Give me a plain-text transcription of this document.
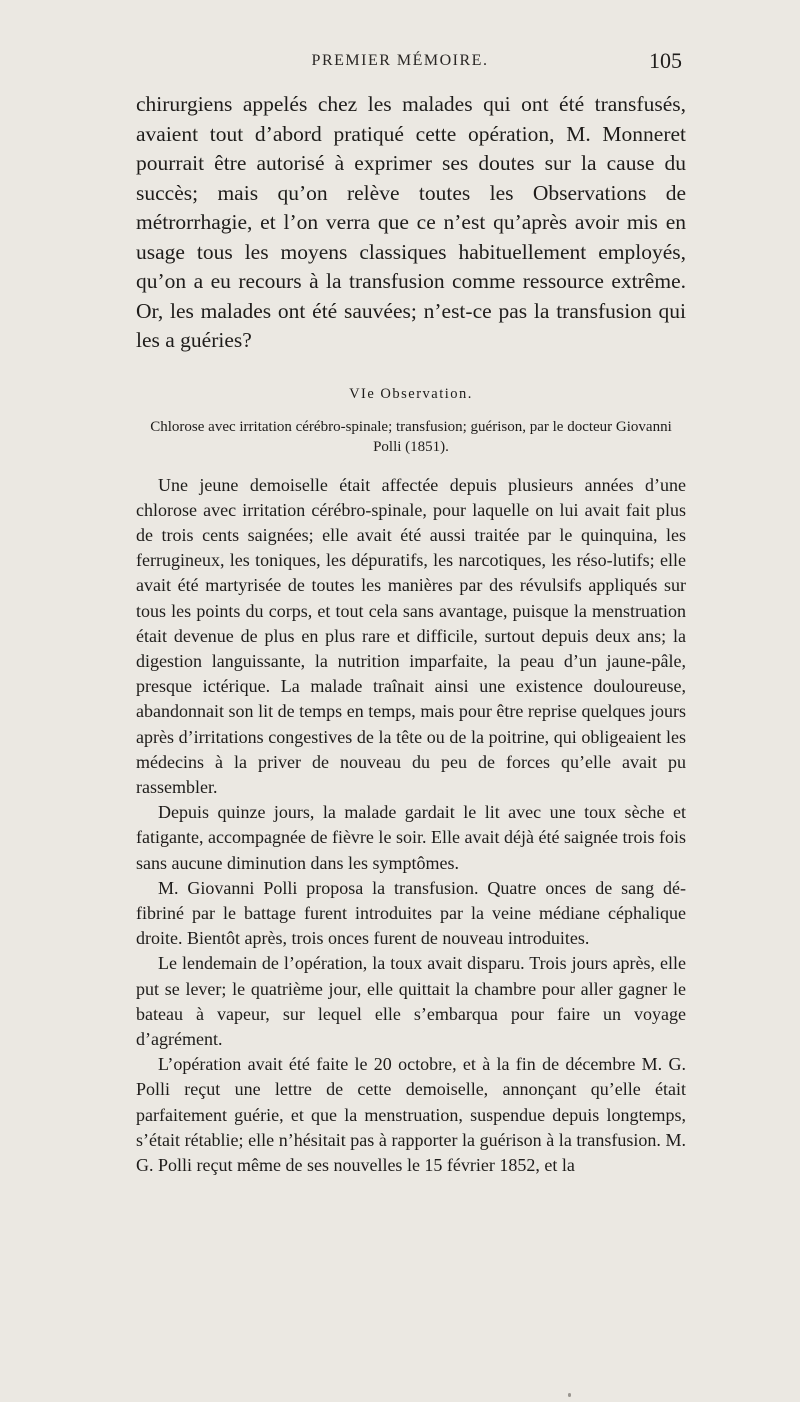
PREMIER MÉMOIRE.	105

chirurgiens appelés chez les malades qui ont été transfusés, avaient tout d’abord pratiqué cette opération, M. Monneret pourrait être autorisé à exprimer ses doutes sur la cause du succès; mais qu’on relève toutes les Observations de métrorrhagie, et l’on verra que ce n’est qu’après avoir mis en usage tous les moyens classiques habituellement employés, qu’on a eu recours à la transfusion comme ressource extrême. Or, les malades ont été sauvées; n’est-ce pas la transfusion qui les a guéries?

VIe Observation.
Chlorose avec irritation cérébro-spinale; transfusion; guérison, par le docteur Giovanni Polli (1851).

Une jeune demoiselle était affectée depuis plusieurs années d’une chlorose avec irritation cérébro-spinale, pour laquelle on lui avait fait plus de trois cents saignées; elle avait été aussi traitée par le quinquina, les ferrugineux, les toniques, les dépuratifs, les narcotiques, les réso-lutifs; elle avait été martyrisée de toutes les manières par des révulsifs appliqués sur tous les points du corps, et tout cela sans avantage, puisque la menstruation était devenue de plus en plus rare et difficile, surtout depuis deux ans; la digestion languissante, la nutrition imparfaite, la peau d’un jaune-pâle, presque ictérique. La malade traînait ainsi une existence douloureuse, abandonnait son lit de temps en temps, mais pour être reprise quelques jours après d’irritations congestives de la tête ou de la poitrine, qui obligeaient les médecins à la priver de nouveau du peu de forces qu’elle avait pu rassembler.

Depuis quinze jours, la malade gardait le lit avec une toux sèche et fatigante, accompagnée de fièvre le soir. Elle avait déjà été saignée trois fois sans aucune diminution dans les symptômes.

M. Giovanni Polli proposa la transfusion. Quatre onces de sang dé-fibriné par le battage furent introduites par la veine médiane céphalique droite. Bientôt après, trois onces furent de nouveau introduites.

Le lendemain de l’opération, la toux avait disparu. Trois jours après, elle put se lever; le quatrième jour, elle quittait la chambre pour aller gagner le bateau à vapeur, sur lequel elle s’embarqua pour faire un voyage d’agrément.

L’opération avait été faite le 20 octobre, et à la fin de décembre M. G. Polli reçut une lettre de cette demoiselle, annonçant qu’elle était parfaitement guérie, et que la menstruation, suspendue depuis longtemps, s’était rétablie; elle n’hésitait pas à rapporter la guérison à la transfusion. M. G. Polli reçut même de ses nouvelles le 15 février 1852, et la
